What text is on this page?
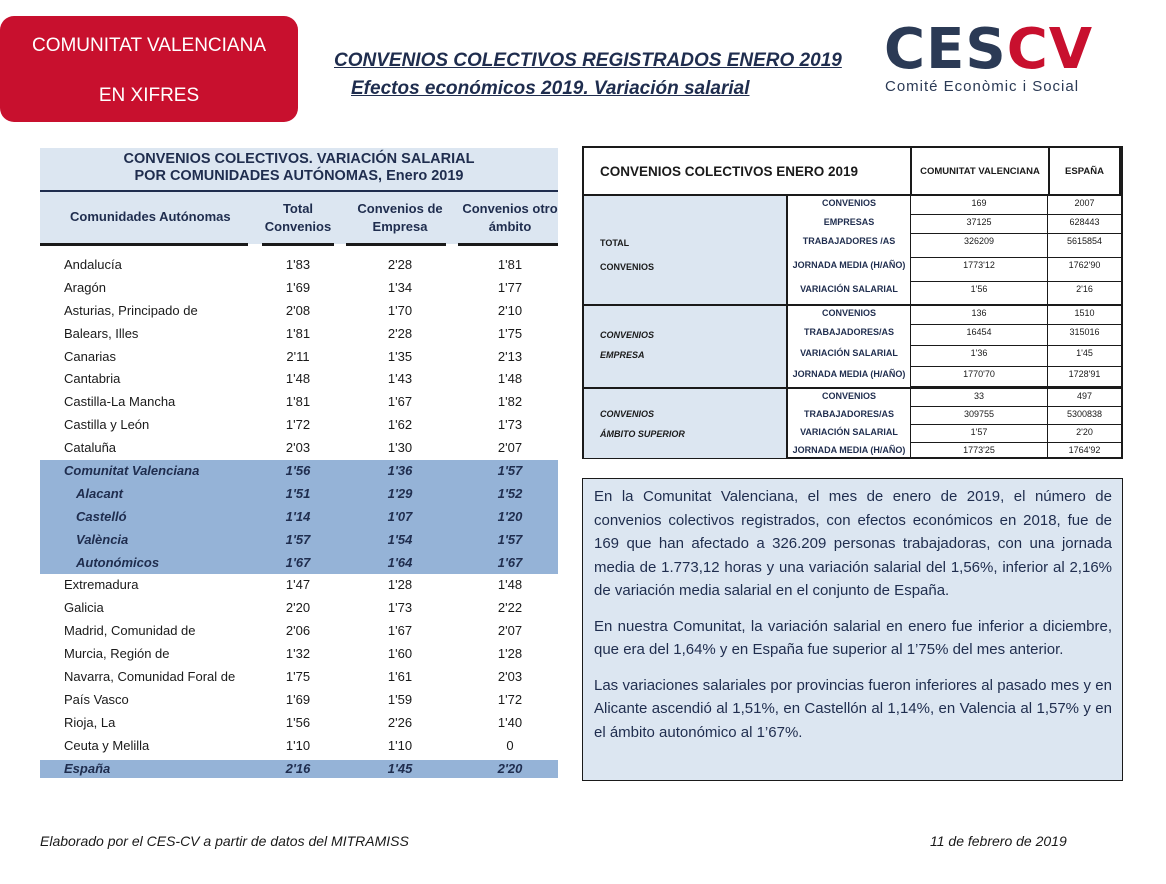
COMUNITAT VALENCIANA
EN XIFRES
CONVENIOS COLECTIVOS REGISTRADOS ENERO 2019
Efectos económicos 2019. Variación salarial
CESCV
Comité Econòmic i Social
CONVENIOS COLECTIVOS. VARIACIÓN SALARIAL
POR COMUNIDADES AUTÓNOMAS, Enero 2019
Comunidades Autónomas
Total
Convenios
Convenios de
Empresa
Convenios otro
ámbito
Andalucía	1'83	2'28	1'81
Aragón	1'69	1'34	1'77
Asturias, Principado de	2'08	1'70	2'10
Balears, Illes	1'81	2'28	1'75
Canarias	2'11	1'35	2'13
Cantabria	1'48	1'43	1'48
Castilla-La Mancha	1'81	1'67	1'82
Castilla y León	1'72	1'62	1'73
Cataluña	2'03	1'30	2'07
Comunitat Valenciana	1'56	1'36	1'57
Alacant	1'51	1'29	1'52
Castelló	1'14	1'07	1'20
València	1'57	1'54	1'57
Autonómicos	1'67	1'64	1'67
Extremadura	1'47	1'28	1'48
Galicia	2'20	1'73	2'22
Madrid, Comunidad de	2'06	1'67	2'07
Murcia, Región de	1'32	1'60	1'28
Navarra, Comunidad Foral de	1'75	1'61	2'03
País Vasco	1'69	1'59	1'72
Rioja, La	1'56	2'26	1'40
Ceuta y Melilla	1'10	1'10	0
España	2'16	1'45	2'20
CONVENIOS COLECTIVOS ENERO 2019	COMUNITAT VALENCIANA	ESPAÑA
TOTAL
CONVENIOS
CONVENIOS	169	2007
EMPRESAS	37125	628443
TRABAJADORES /AS	326209	5615854
JORNADA MEDIA (H/AÑO)	1773'12	1762'90
VARIACIÓN SALARIAL	1'56	2'16
CONVENIOS
EMPRESA
CONVENIOS	136	1510
TRABAJADORES/AS	16454	315016
VARIACIÓN SALARIAL	1'36	1'45
JORNADA MEDIA (H/AÑO)	1770'70	1728'91
CONVENIOS
ÁMBITO SUPERIOR
CONVENIOS	33	497
TRABAJADORES/AS	309755	5300838
VARIACIÓN SALARIAL	1'57	2'20
JORNADA MEDIA (H/AÑO)	1773'25	1764'92

En la Comunitat Valenciana, el mes de enero de 2019, el número de convenios colectivos registrados, con efectos económicos en 2018, fue de 169 que han afectado a 326.209 personas trabajadoras, con una jornada media de 1.773,12 horas y una variación salarial del 1,56%, inferior al 2,16% de variación media salarial en el conjunto de España.

En nuestra Comunitat, la variación salarial en enero fue inferior a diciembre, que era del 1,64% y en España fue superior al 1’75% del mes anterior.

Las variaciones salariales por provincias fueron inferiores al pasado mes y en Alicante ascendió al 1,51%, en Castellón al 1,14%, en Valencia al 1,57% y en el ámbito autonómico al 1’67%.

Elaborado por el CES-CV a partir de datos del MITRAMISS	11 de febrero de 2019
